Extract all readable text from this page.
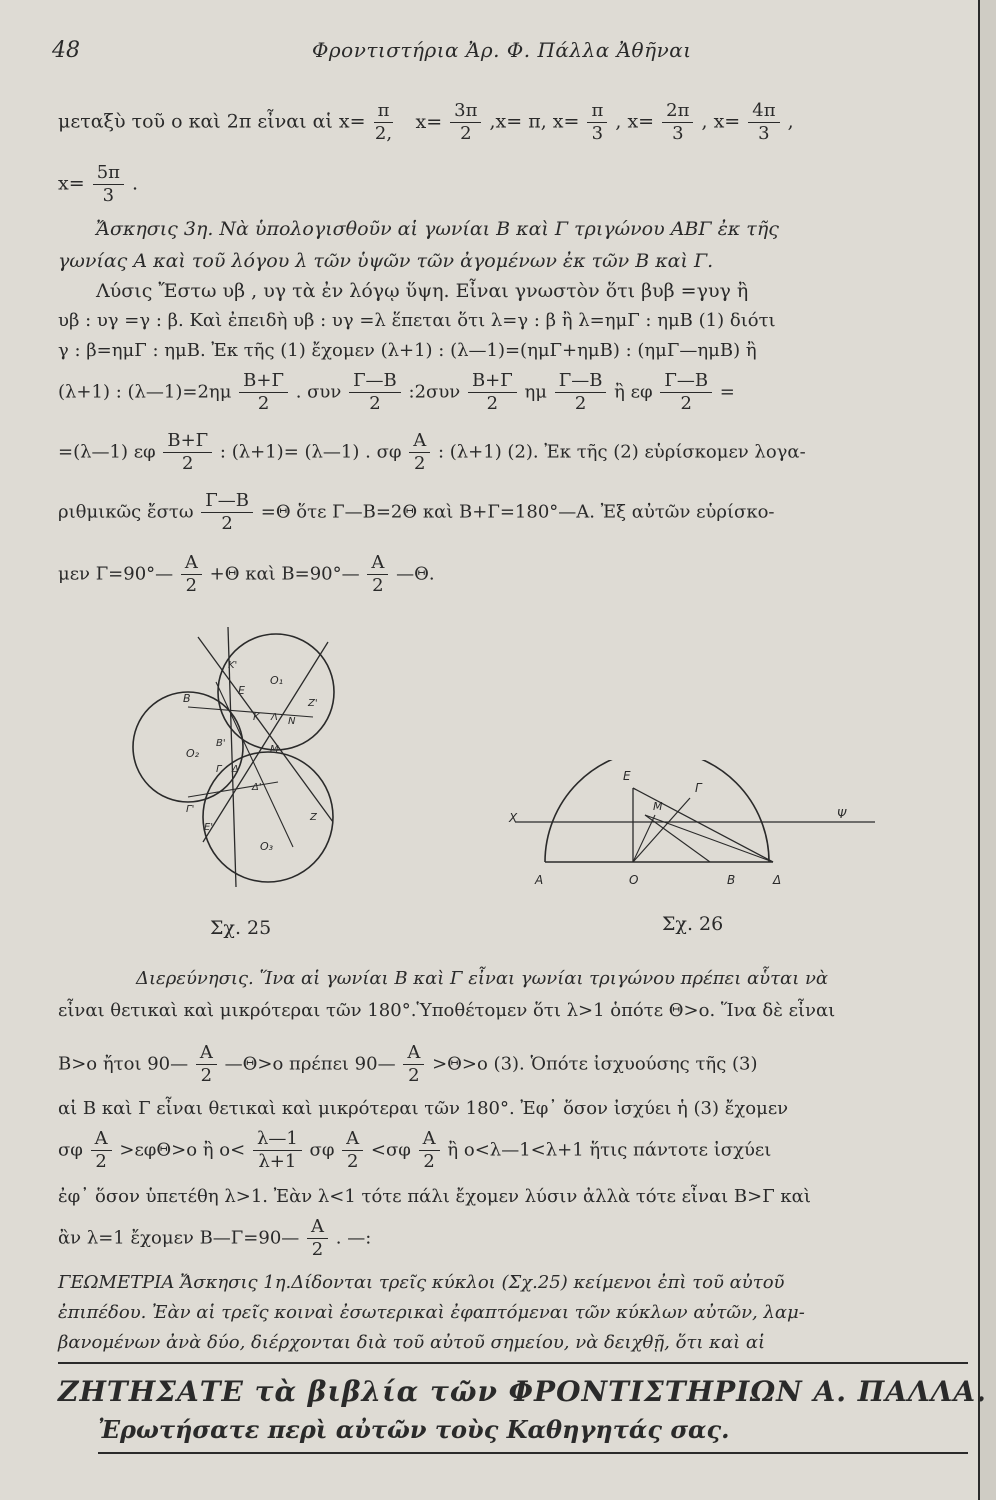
48	Φροντιστήρια Ἀρ. Φ. Πάλλα Ἀθῆναι
μεταξὺ τοῦ ο καὶ 2π εἶναι αἱ $x= \frac{\pi}{2,} x= \frac{3\pi}{2} ,x= \pi$, $x= \frac{\pi}{3}$ , $x= \frac{2\pi}{3}$ , $x= \frac{4\pi}{3}$ ,
$x= \frac{5\pi}{3}$ .
Ἄσκησις 3η. Νὰ ὑπολογισθοῦν αἱ γωνίαι Β καὶ Γ τριγώνου ΑΒΓ ἐκ τῆς
γωνίας Α καὶ τοῦ λόγου λ τῶν ὑψῶν τῶν ἀγομένων ἐκ τῶν Β καὶ Γ.
Λύσις Ἔστω υβ , υγ τὰ ἐν λόγῳ ὕψη. Εἶναι γνωστὸν ὅτι βυβ =γυγ ἢ
υβ : υγ =γ : β. Καὶ ἐπειδὴ υβ : υγ =λ ἕπεται ὅτι λ=γ : β ἢ λ=ημΓ : ημΒ (1) διότι
γ : β=ημΓ : ημΒ. Ἐκ τῆς (1) ἔχομεν (λ+1) : (λ—1)=(ημΓ+ημΒ) : (ημΓ—ημΒ) ἢ
(λ+1) : (λ—1)=2ημ $\frac{B+\Gamma}{2}$ . συν $\frac{\Gamma—B}{2}$ :2συν $\frac{B+\Gamma}{2}$ ημ $\frac{\Gamma—B}{2}$ ἢ εφ $\frac{\Gamma—B}{2}$ =
=(λ—1) εφ $\frac{B+\Gamma}{2}$ : (λ+1)= (λ—1) . σφ $\frac{A}{2}$ : (λ+1) (2). Ἐκ τῆς (2) εὑρίσκομεν λογα-
ριθμικῶς ἔστω $\frac{\Gamma—B}{2} =\Theta$ ὅτε Γ—Β=2Θ καὶ Β+Γ=180°—Α. Ἐξ αὐτῶν εὑρίσκο-
μεν Γ=90°— $\frac{A}{2} +\Theta$ καὶ Β=90°— $\frac{A}{2}$ —Θ.
Β
Κ'
Ο₁
Ε
Ζ'
Κ Λ Ν
Β'
Ο₂	Μ
Γ Δ
Δ'
Γ'
Ζ
Ε'
Ο₃
Σχ. 25
Ε
Γ
Μ
Χ	Ψ
Α	Ο	Β	Δ
Σχ. 26
Διερεύνησις. Ἵνα αἱ γωνίαι Β καὶ Γ εἶναι γωνίαι τριγώνου πρέπει αὗται νὰ
εἶναι θετικαὶ καὶ μικρότεραι τῶν 180°.Ὑποθέτομεν ὅτι λ>1 ὁπότε Θ>ο. Ἵνα δὲ εἶναι
Β>ο ἤτοι 90— $\frac{A}{2}$ —Θ>ο πρέπει 90— $\frac{A}{2} >\Theta>o$ (3). Ὁπότε ἰσχυούσης τῆς (3)
αἱ Β καὶ Γ εἶναι θετικαὶ καὶ μικρότεραι τῶν 180°. Ἐφ᾽ ὅσον ἰσχύει ἡ (3) ἔχομεν
σφ $\frac{A}{2} >\varepsilon\varphi\Theta>o$ ἢ $o< \frac{\lambda—1}{\lambda+1}$ σφ $\frac{A}{2} <\sigma\varphi \frac{A}{2}$ ἢ ο<λ—1<λ+1 ἥτις πάντοτε ἰσχύει
ἐφ᾽ ὅσον ὑπετέθη λ>1. Ἐὰν λ<1 τότε πάλι ἔχομεν λύσιν ἀλλὰ τότε εἶναι Β>Γ καὶ
ἂν λ=1 ἔχομεν Β—Γ=90— $\frac{A}{2}$ . —:
ΓΕΩΜΕΤΡΙΑ Ἄσκησις 1η.Δίδονται τρεῖς κύκλοι (Σχ.25) κείμενοι ἐπὶ τοῦ αὐτοῦ
ἐπιπέδου. Ἐὰν αἱ τρεῖς κοιναὶ ἐσωτερικαὶ ἐφαπτόμεναι τῶν κύκλων αὐτῶν, λαμ-
βανομένων ἀνὰ δύο, διέρχονται διὰ τοῦ αὐτοῦ σημείου, νὰ δειχθῇ, ὅτι καὶ αἱ
ΖΗΤΗΣΑΤΕ τὰ βιβλία τῶν ΦΡΟΝΤΙΣΤΗΡΙΩΝ Α. ΠΑΛΛΑ.
Ἐρωτήσατε περὶ αὐτῶν τοὺς Καθηγητάς σας.
